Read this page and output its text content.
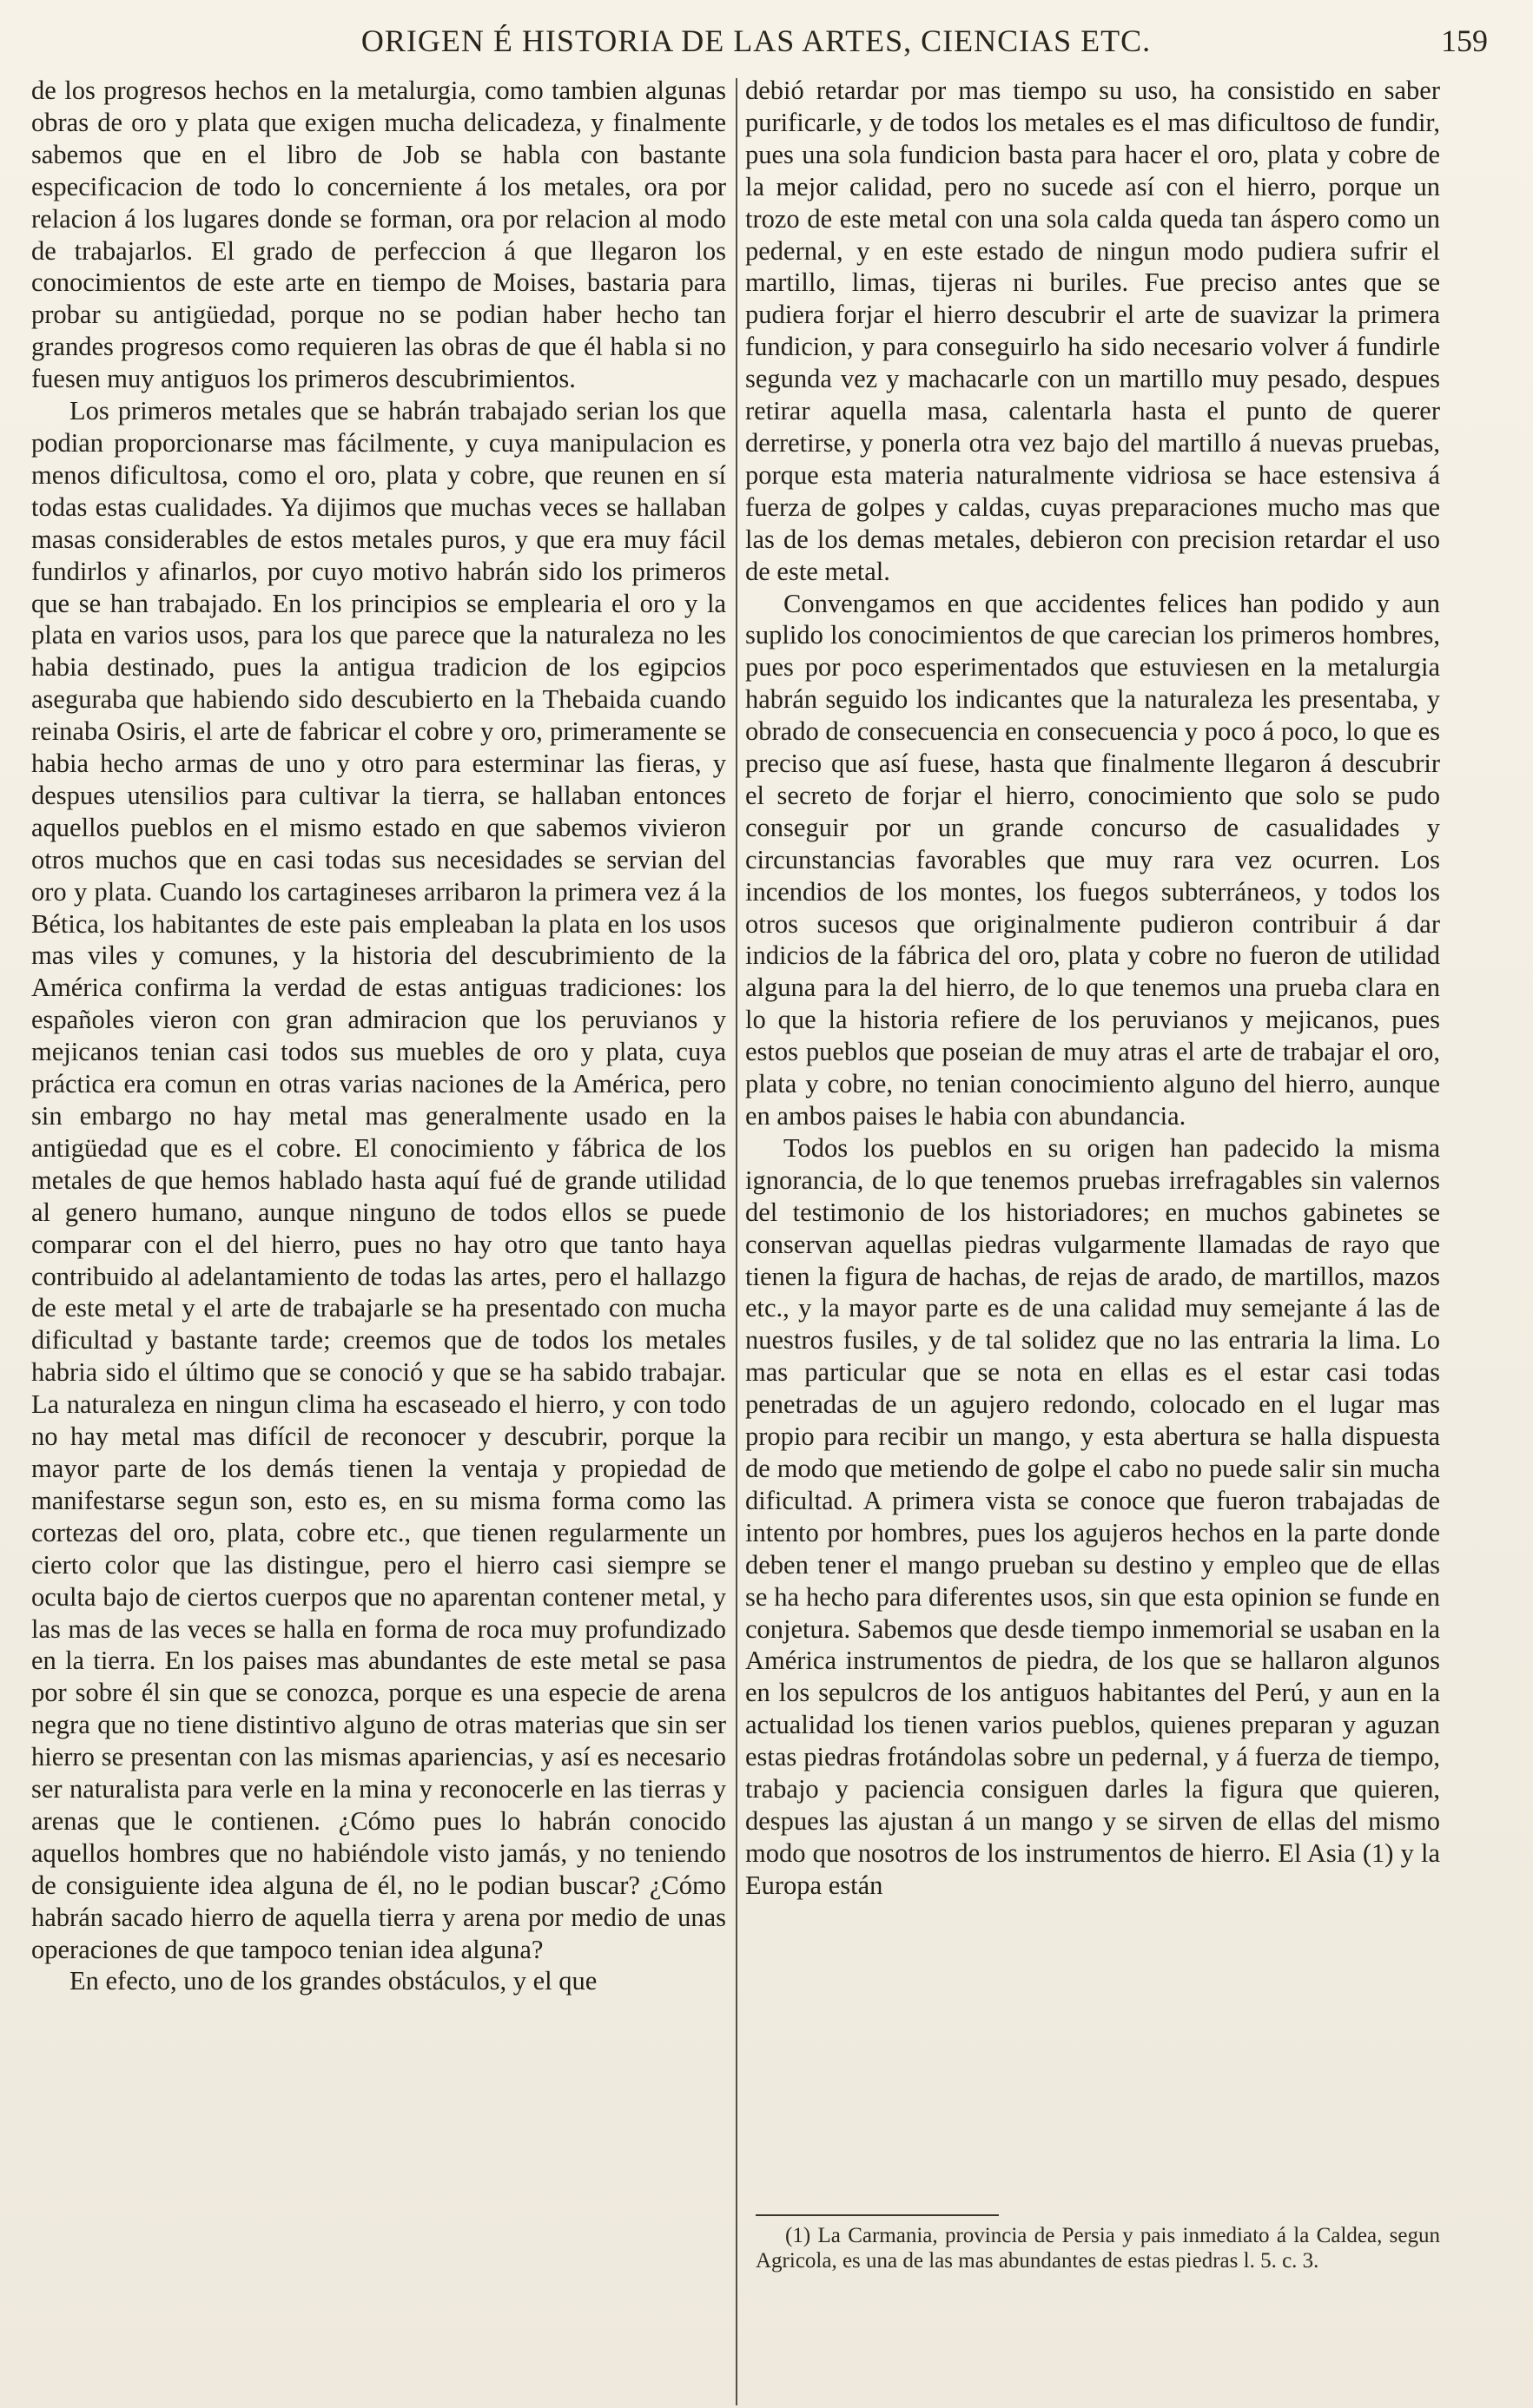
ORIGEN É HISTORIA DE LAS ARTES, CIENCIAS ETC.	159

de los progresos hechos en la metalurgia, como tambien algunas obras de oro y plata que exigen mucha delicadeza, y finalmente sabemos que en el libro de Job se habla con bastante especificacion de todo lo concerniente á los metales, ora por relacion á los lugares donde se forman, ora por relacion al modo de trabajarlos. El grado de perfeccion á que llegaron los conocimientos de este arte en tiempo de Moises, bastaria para probar su antigüedad, porque no se podian haber hecho tan grandes progresos como requieren las obras de que él habla si no fuesen muy antiguos los primeros descubrimientos.

Los primeros metales que se habrán trabajado serian los que podian proporcionarse mas fácilmente, y cuya manipulacion es menos dificultosa, como el oro, plata y cobre, que reunen en sí todas estas cualidades. Ya dijimos que muchas veces se hallaban masas considerables de estos metales puros, y que era muy fácil fundirlos y afinarlos, por cuyo motivo habrán sido los primeros que se han trabajado. En los principios se emplearia el oro y la plata en varios usos, para los que parece que la naturaleza no les habia destinado, pues la antigua tradicion de los egipcios aseguraba que habiendo sido descubierto en la Thebaida cuando reinaba Osiris, el arte de fabricar el cobre y oro, primeramente se habia hecho armas de uno y otro para esterminar las fieras, y despues utensilios para cultivar la tierra, se hallaban entonces aquellos pueblos en el mismo estado en que sabemos vivieron otros muchos que en casi todas sus necesidades se servian del oro y plata. Cuando los cartagineses arribaron la primera vez á la Bética, los habitantes de este pais empleaban la plata en los usos mas viles y comunes, y la historia del descubrimiento de la América confirma la verdad de estas antiguas tradiciones: los españoles vieron con gran admiracion que los peruvianos y mejicanos tenian casi todos sus muebles de oro y plata, cuya práctica era comun en otras varias naciones de la América, pero sin embargo no hay metal mas generalmente usado en la antigüedad que es el cobre. El conocimiento y fábrica de los metales de que hemos hablado hasta aquí fué de grande utilidad al genero humano, aunque ninguno de todos ellos se puede comparar con el del hierro, pues no hay otro que tanto haya contribuido al adelantamiento de todas las artes, pero el hallazgo de este metal y el arte de trabajarle se ha presentado con mucha dificultad y bastante tarde; creemos que de todos los metales habria sido el último que se conoció y que se ha sabido trabajar. La naturaleza en ningun clima ha escaseado el hierro, y con todo no hay metal mas difícil de reconocer y descubrir, porque la mayor parte de los demás tienen la ventaja y propiedad de manifestarse segun son, esto es, en su misma forma como las cortezas del oro, plata, cobre etc., que tienen regularmente un cierto color que las distingue, pero el hierro casi siempre se oculta bajo de ciertos cuerpos que no aparentan contener metal, y las mas de las veces se halla en forma de roca muy profundizado en la tierra. En los paises mas abundantes de este metal se pasa por sobre él sin que se conozca, porque es una especie de arena negra que no tiene distintivo alguno de otras materias que sin ser hierro se presentan con las mismas apariencias, y así es necesario ser naturalista para verle en la mina y reconocerle en las tierras y arenas que le contienen. ¿Cómo pues lo habrán conocido aquellos hombres que no habiéndole visto jamás, y no teniendo de consiguiente idea alguna de él, no le podian buscar? ¿Cómo habrán sacado hierro de aquella tierra y arena por medio de unas operaciones de que tampoco tenian idea alguna?

En efecto, uno de los grandes obstáculos, y el que

debió retardar por mas tiempo su uso, ha consistido en saber purificarle, y de todos los metales es el mas dificultoso de fundir, pues una sola fundicion basta para hacer el oro, plata y cobre de la mejor calidad, pero no sucede así con el hierro, porque un trozo de este metal con una sola calda queda tan áspero como un pedernal, y en este estado de ningun modo pudiera sufrir el martillo, limas, tijeras ni buriles. Fue preciso antes que se pudiera forjar el hierro descubrir el arte de suavizar la primera fundicion, y para conseguirlo ha sido necesario volver á fundirle segunda vez y machacarle con un martillo muy pesado, despues retirar aquella masa, calentarla hasta el punto de querer derretirse, y ponerla otra vez bajo del martillo á nuevas pruebas, porque esta materia naturalmente vidriosa se hace estensiva á fuerza de golpes y caldas, cuyas preparaciones mucho mas que las de los demas metales, debieron con precision retardar el uso de este metal.

Convengamos en que accidentes felices han podido y aun suplido los conocimientos de que carecian los primeros hombres, pues por poco esperimentados que estuviesen en la metalurgia habrán seguido los indicantes que la naturaleza les presentaba, y obrado de consecuencia en consecuencia y poco á poco, lo que es preciso que así fuese, hasta que finalmente llegaron á descubrir el secreto de forjar el hierro, conocimiento que solo se pudo conseguir por un grande concurso de casualidades y circunstancias favorables que muy rara vez ocurren. Los incendios de los montes, los fuegos subterráneos, y todos los otros sucesos que originalmente pudieron contribuir á dar indicios de la fábrica del oro, plata y cobre no fueron de utilidad alguna para la del hierro, de lo que tenemos una prueba clara en lo que la historia refiere de los peruvianos y mejicanos, pues estos pueblos que poseian de muy atras el arte de trabajar el oro, plata y cobre, no tenian conocimiento alguno del hierro, aunque en ambos paises le habia con abundancia.

Todos los pueblos en su origen han padecido la misma ignorancia, de lo que tenemos pruebas irrefragables sin valernos del testimonio de los historiadores; en muchos gabinetes se conservan aquellas piedras vulgarmente llamadas de rayo que tienen la figura de hachas, de rejas de arado, de martillos, mazos etc., y la mayor parte es de una calidad muy semejante á las de nuestros fusiles, y de tal solidez que no las entraria la lima. Lo mas particular que se nota en ellas es el estar casi todas penetradas de un agujero redondo, colocado en el lugar mas propio para recibir un mango, y esta abertura se halla dispuesta de modo que metiendo de golpe el cabo no puede salir sin mucha dificultad. A primera vista se conoce que fueron trabajadas de intento por hombres, pues los agujeros hechos en la parte donde deben tener el mango prueban su destino y empleo que de ellas se ha hecho para diferentes usos, sin que esta opinion se funde en conjetura. Sabemos que desde tiempo inmemorial se usaban en la América instrumentos de piedra, de los que se hallaron algunos en los sepulcros de los antiguos habitantes del Perú, y aun en la actualidad los tienen varios pueblos, quienes preparan y aguzan estas piedras frotándolas sobre un pedernal, y á fuerza de tiempo, trabajo y paciencia consiguen darles la figura que quieren, despues las ajustan á un mango y se sirven de ellas del mismo modo que nosotros de los instrumentos de hierro. El Asia (1) y la Europa están

(1) La Carmania, provincia de Persia y pais inmediato á la Caldea, segun Agricola, es una de las mas abundantes de estas piedras l. 5. c. 3.
